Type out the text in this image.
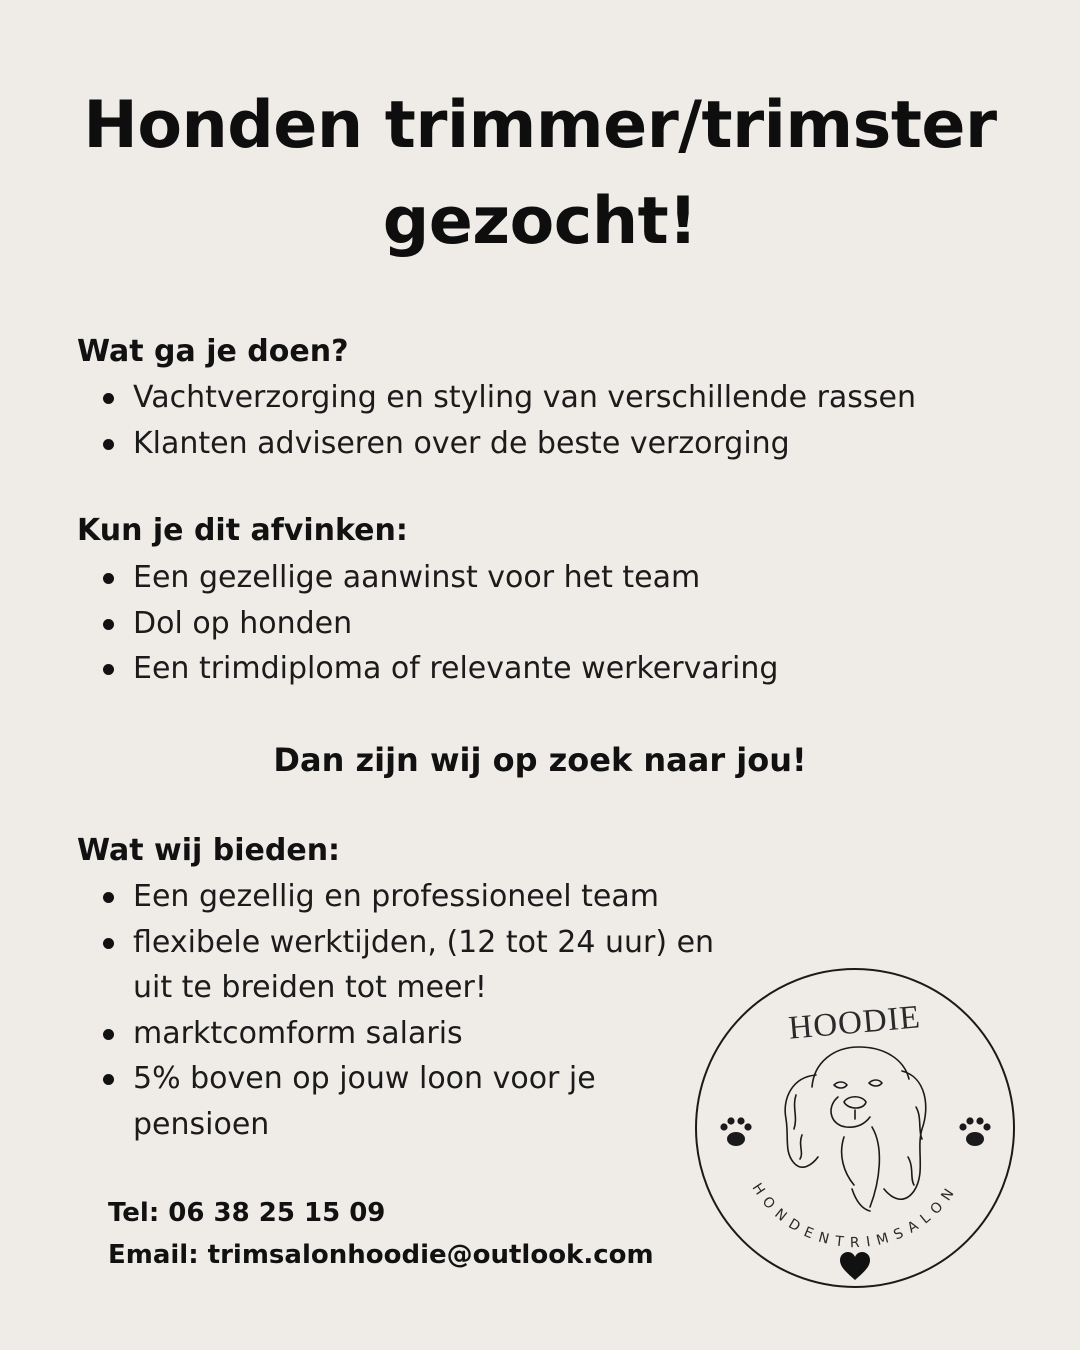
Honden trimmer/trimster
gezocht!
Wat ga je doen?
Vachtverzorging en styling van verschillende rassen
Klanten adviseren over de beste verzorging
Kun je dit afvinken:
Een gezellige aanwinst voor het team
Dol op honden
Een trimdiploma of relevante werkervaring

Dan zijn wij op zoek naar jou!

Wat wij bieden:
Een gezellig en professioneel team
flexibele werktijden, (12 tot 24 uur) en
uit te breiden tot meer!
marktcomform salaris
5% boven op jouw loon voor je
pensioen
Tel: 06 38 25 15 09
Email: trimsalonhoodie@outlook.com
HOODIE
HONDENTRIMSALON
